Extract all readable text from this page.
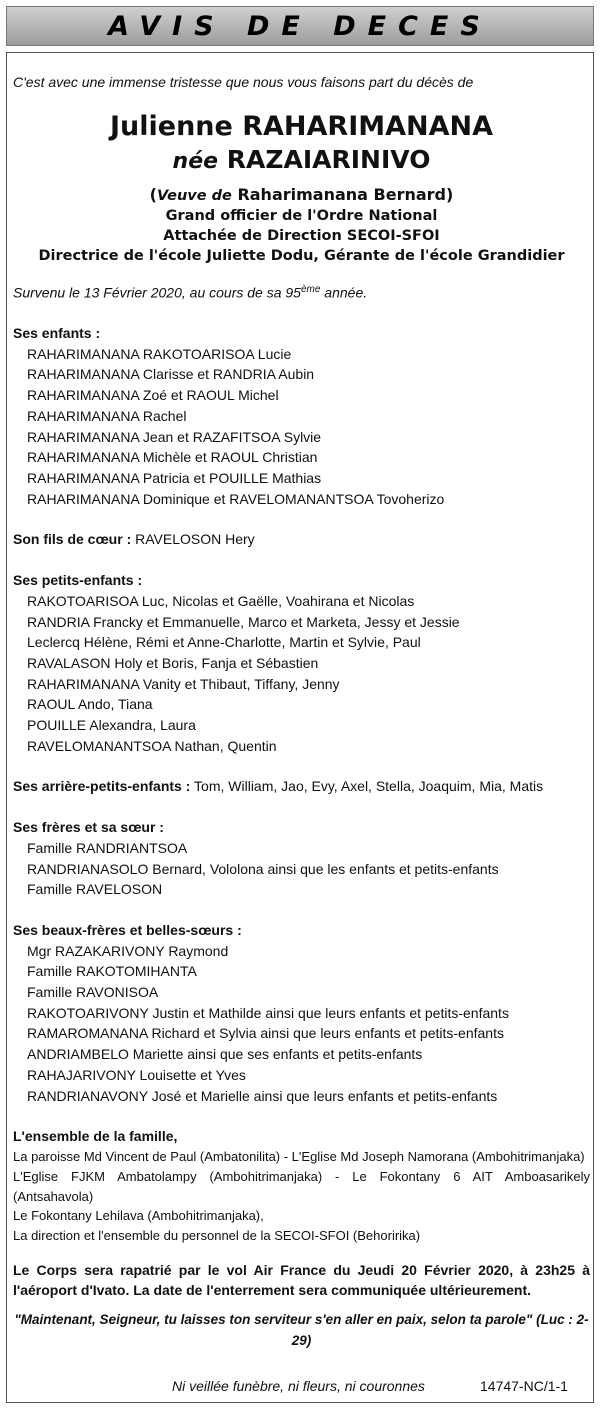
AVIS DE DECES

C'est avec une immense tristesse que nous vous faisons part du décès de

Julienne RAHARIMANANA
née RAZAIARINIVO
(Veuve de Raharimanana Bernard)
Grand officier de l'Ordre National
Attachée de Direction SECOI-SFOI
Directrice de l'école Juliette Dodu, Gérante de l'école Grandidier
Survenu le 13 Février 2020, au cours de sa 95ème année.
Ses enfants :
RAHARIMANANA RAKOTOARISOA Lucie
RAHARIMANANA Clarisse et RANDRIA Aubin
RAHARIMANANA Zoé et RAOUL Michel
RAHARIMANANA Rachel
RAHARIMANANA Jean et RAZAFITSOA Sylvie
RAHARIMANANA Michèle et RAOUL Christian
RAHARIMANANA Patricia et POUILLE Mathias
RAHARIMANANA Dominique et RAVELOMANANTSOA Tovoherizo
Son fils de cœur : RAVELOSON Hery
Ses petits-enfants :
RAKOTOARISOA Luc, Nicolas et Gaëlle, Voahirana et Nicolas
RANDRIA Francky et Emmanuelle, Marco et Marketa, Jessy et Jessie
Leclercq Hélène, Rémi et Anne-Charlotte, Martin et Sylvie, Paul
RAVALASON Holy et Boris, Fanja et Sébastien
RAHARIMANANA Vanity et Thibaut, Tiffany, Jenny
RAOUL Ando, Tiana
POUILLE Alexandra, Laura
RAVELOMANANTSOA Nathan, Quentin
Ses arrière-petits-enfants : Tom, William, Jao, Evy, Axel, Stella, Joaquim, Mia, Matis
Ses frères et sa sœur :
Famille RANDRIANTSOA
RANDRIANASOLO Bernard, Vololona ainsi que les enfants et petits-enfants
Famille RAVELOSON
Ses beaux-frères et belles-sœurs :
Mgr RAZAKARIVONY Raymond
Famille RAKOTOMIHANTA
Famille RAVONISOA
RAKOTOARIVONY Justin et Mathilde ainsi que leurs enfants et petits-enfants
RAMAROMANANA Richard et Sylvia ainsi que leurs enfants et petits-enfants
ANDRIAMBELO Mariette ainsi que ses enfants et petits-enfants
RAHAJARIVONY Louisette et Yves
RANDRIANAVONY José et Marielle ainsi que leurs enfants et petits-enfants
L'ensemble de la famille,

La paroisse Md Vincent de Paul (Ambatonilita) - L'Eglise Md Joseph Namorana (Ambohitrimanjaka)

L'Eglise FJKM Ambatolampy (Ambohitrimanjaka) - Le Fokontany 6 AIT Amboasarikely (Antsahavola)

Le Fokontany Lehilava (Ambohitrimanjaka),

La direction et l'ensemble du personnel de la SECOI-SFOI (Behoririka)

Le Corps sera rapatrié par le vol Air France du Jeudi 20 Février 2020, à 23h25 à l'aéroport d'Ivato. La date de l'enterrement sera communiquée ultérieurement.
"Maintenant, Seigneur, tu laisses ton serviteur s'en aller en paix, selon ta parole" (Luc : 2-29)
Ni veillée funèbre, ni fleurs, ni couronnes	14747-NC/1-1
